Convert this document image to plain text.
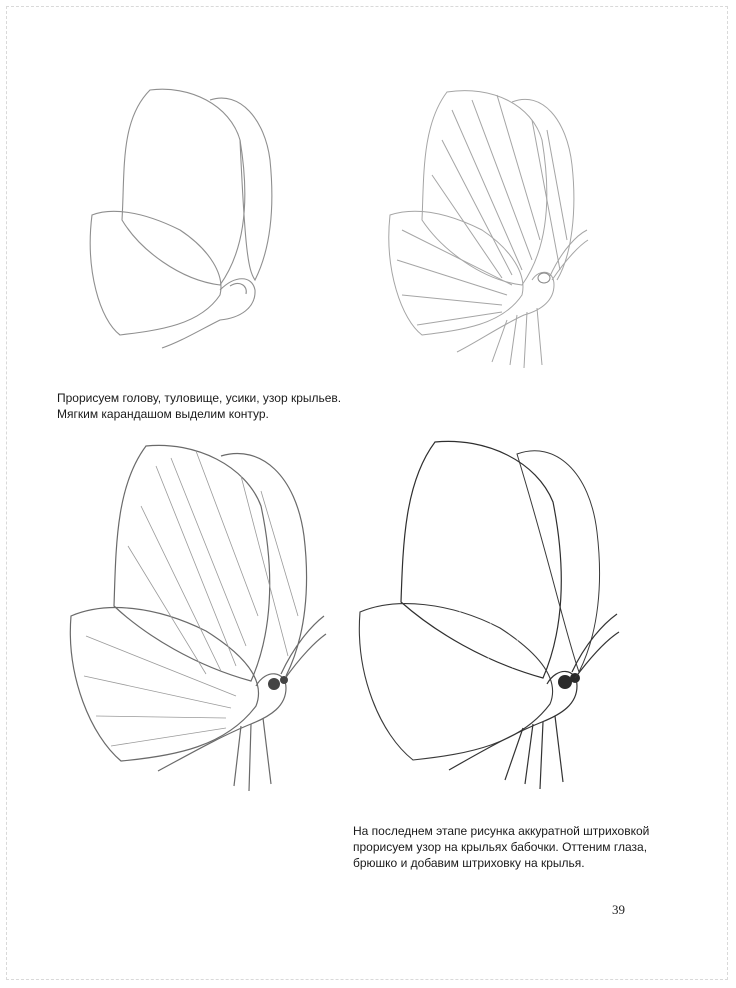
Прорисуем голову, туловище, усики, узор крыльев.
Мягким карандашом выделим контур.

На последнем этапе рисунка аккуратной штриховкой
прорисуем узор на крыльях бабочки. Оттеним глаза,
брюшко и добавим штриховку на крылья.

39
